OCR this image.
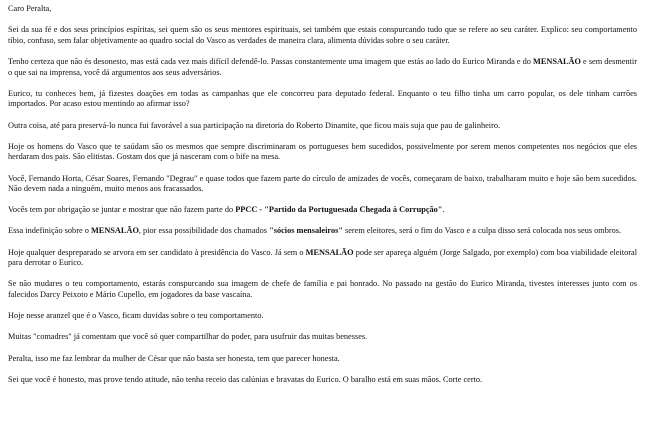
Caro Peralta,

Sei da sua fé e dos seus princípios espíritas, sei quem são os seus mentores espirituais, sei também que estais conspurcando tudo que se refere ao seu caráter. Explico: seu comportamento tíbio, confuso, sem falar objetivamente ao quadro social do Vasco as verdades de maneira clara, alimenta dúvidas sobre o seu caráter.

Tenho certeza que não és desonesto, mas está cada vez mais difícil defendê-lo. Passas constantemente uma imagem que estás ao lado do Eurico Miranda e do MENSALÃO e sem desmentir o que sai na imprensa, você dá argumentos aos seus adversários.

Eurico, tu conheces bem, já fizestes doações em todas as campanhas que ele concorreu para deputado federal. Enquanto o teu filho tinha um carro popular, os dele tinham carrões importados. Por acaso estou mentindo ao afirmar isso?

Outra coisa, até para preservá-lo nunca fui favorável a sua participação na diretoria do Roberto Dinamite, que ficou mais suja que pau de galinheiro.

Hoje os homens do Vasco que te saúdam são os mesmos que sempre discriminaram os portugueses bem sucedidos, possivelmente por serem menos competentes nos negócios que eles herdaram dos pais. São elitistas. Gostam dos que já nasceram com o bife na mesa.

Você, Fernando Horta, César Soares, Fernando "Degrau" e quase todos que fazem parte do círculo de amizades de vocês, começaram de baixo, trabalharam muito e hoje são bem sucedidos. Não devem nada a ninguém, muito menos aos fracassados.

Vocês tem por obrigação se juntar e mostrar que não fazem parte do PPCC - "Partido da Portuguesada Chegada à Corrupção".

Essa indefinição sobre o MENSALÃO, pior essa possibilidade dos chamados "sócios mensaleiros" serem eleitores, será o fim do Vasco e a culpa disso será colocada nos seus ombros.

Hoje qualquer despreparado se arvora em ser candidato à presidência do Vasco. Já sem o MENSALÃO pode ser apareça alguém (Jorge Salgado, por exemplo) com boa viabilidade eleitoral para derrotar o Eurico.

Se não mudares o teu comportamento, estarás conspurcando sua imagem de chefe de família e pai honrado. No passado na gestão do Eurico Miranda, tivestes interesses junto com os falecidos Darcy Peixoto e Mário Cupello, em jogadores da base vascaína.

Hoje nesse aranzel que é o Vasco, ficam duvidas sobre o teu comportamento.

Muitas "comadres" já comentam que você só quer compartilhar do poder, para usufruir das muitas benesses.

Peralta, isso me faz lembrar da mulher de César que não basta ser honesta, tem que parecer honesta.

Sei que você é honesto, mas prove tendo atitude, não tenha receio das calúnias e bravatas do Eurico. O baralho está em suas mãos. Corte certo.
